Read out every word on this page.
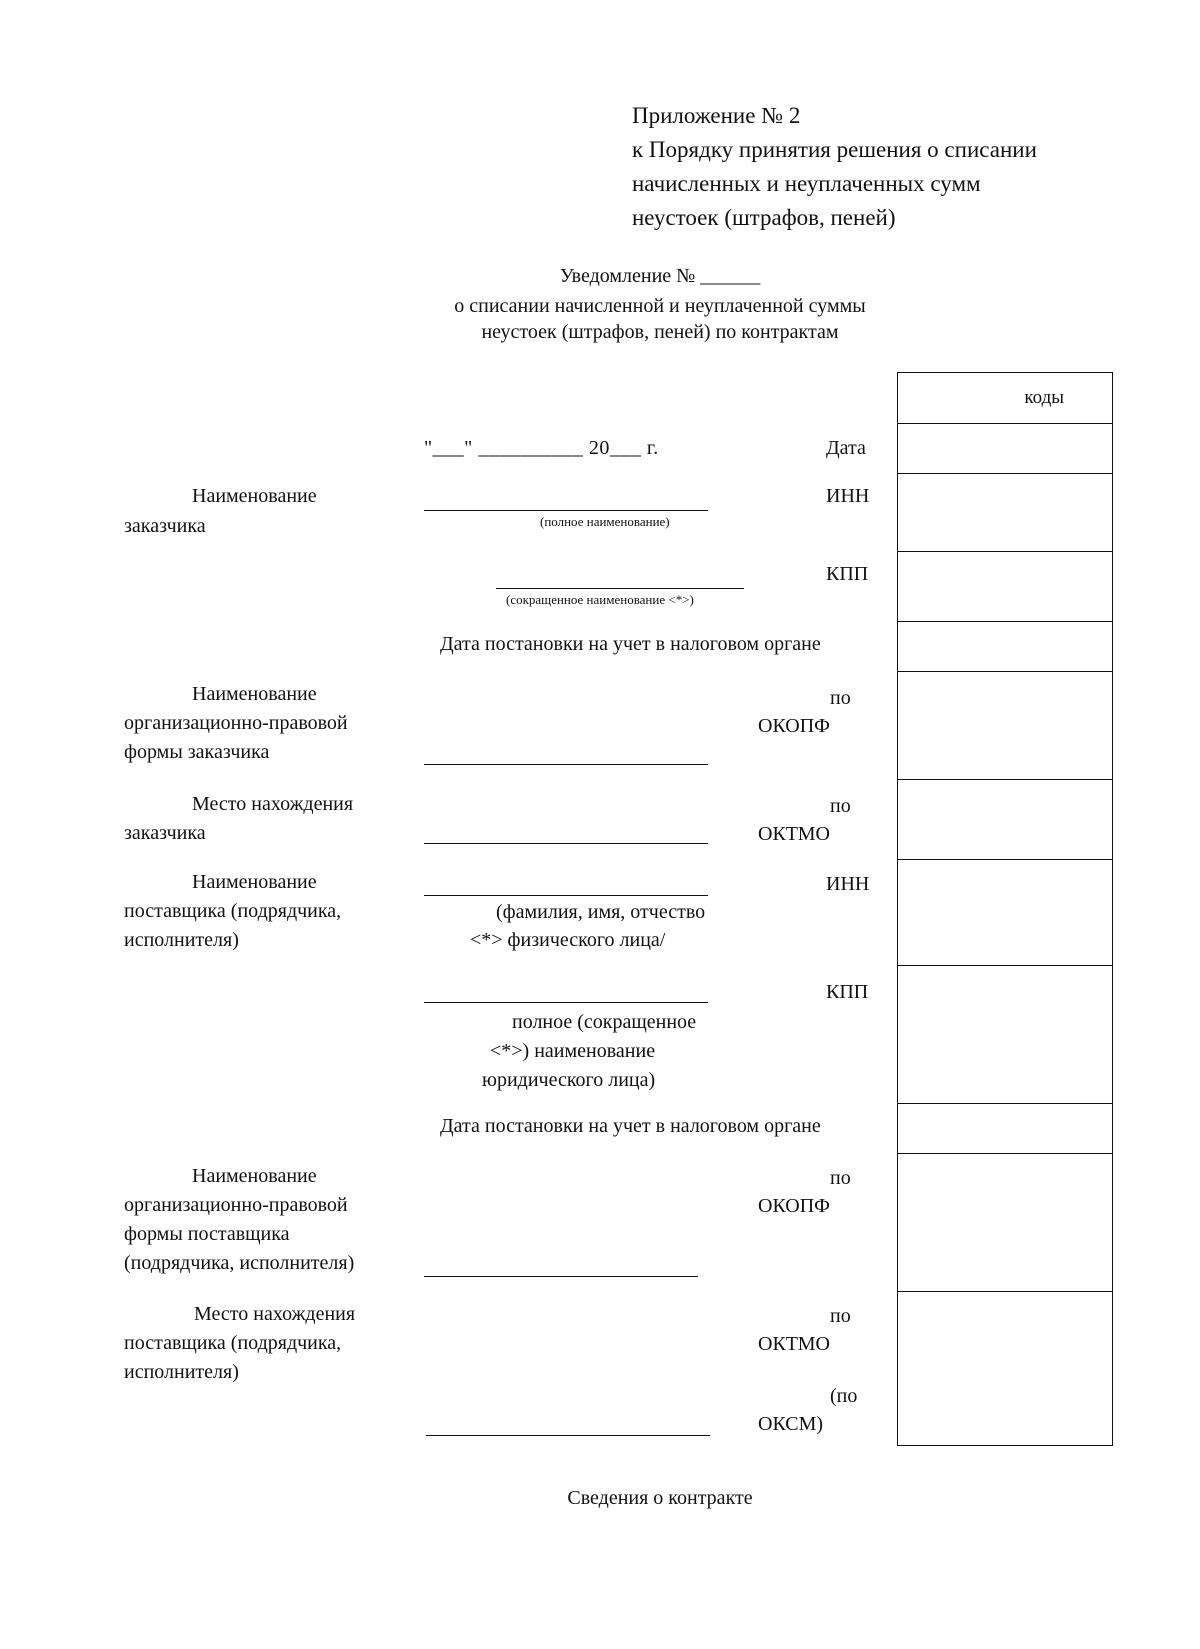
Приложение № 2
к Порядку принятия решения о списании
начисленных и неуплаченных сумм
неустоек (штрафов, пеней)
Уведомление № ______
о списании начисленной и неуплаченной суммы
неустоек (штрафов, пеней) по контрактам
коды
"___" __________ 20___ г.	Дата
Наименование
заказчика	(полное наименование)
ИНН
(сокращенное наименование <*>)
КПП
Дата постановки на учет в налоговом органе
Наименование
организационно-правовой
формы заказчика
по
ОКОПФ
Место нахождения
заказчика
по
ОКТМО
Наименование
поставщика (подрядчика,
исполнителя)
(фамилия, имя, отчество
<*> физического лица/
ИНН
полное (сокращенное
<*>) наименование
юридического лица)
КПП
Дата постановки на учет в налоговом органе
Наименование
организационно-правовой
формы поставщика
(подрядчика, исполнителя)
по
ОКОПФ
Место нахождения
поставщика (подрядчика,
исполнителя)
по
ОКТМО
(по
ОКСМ)
Сведения о контракте
